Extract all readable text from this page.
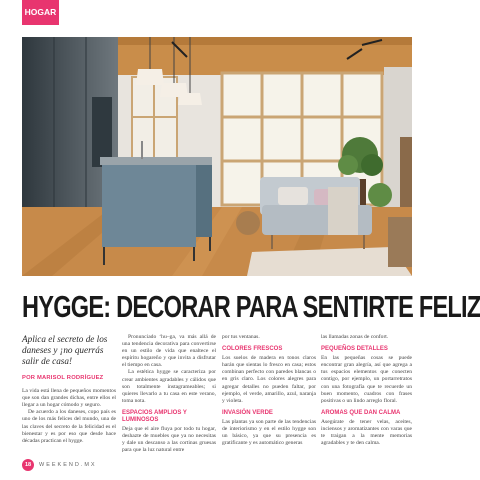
HOGAR
HYGGE: DECORAR PARA SENTIRTE FELIZ
Aplica el secreto de los daneses y ¡no querrás salir de casa!
POR MARISOL RODRÍGUEZ

La vida está llena de pequeños momentos que son dan grandes dichas, entre ellos el llegar a un hogar cómodo y seguro.

De acuerdo a los daneses, copo país es uno de los más felices del mundo, una de las claves del secreto de la felicidad es el bienestar y es por eso que desde hace décadas practican el hygge.

Pronunciado ‘hu–ga, va más allá de una tendencia decorativa para convertirse en un estilo de vida que enaltece el espíritu hogareño y que invita a disfrutar el tiempo en casa.

La estética hygge se caracteriza por crear ambientes agradables y cálidos que son totalmente instagrameables; si quieres llevarlo a tu casa en este verano, toma nota.

ESPACIOS AMPLIOS Y LUMINOSOS

Deja que el aire fluya por todo tu hogar, deshazte de muebles que ya no necesitas y dale un descanso a las cortinas gruesas para que la luz natural entre

por tus ventanas.

COLORES FRESCOS

Los suelos de madera en tonos claros harán que sientas lo fresco en casa; estos combinan perfecto con paredes blancas o en gris claro. Los colores alegres para agregar detalles no pueden faltar, por ejemplo, el verde, amarillo, azul, naranja y violeta.

INVASIÓN VERDE

Las plantas ya son parte de las tendencias de interiorismo y en el estilo hygge son un básico, ya que su presencia es gratificante y es automático generas

las llamadas zonas de confort.

PEQUEÑOS DETALLES

En las pequeñas cosas se puede encontrar gran alegría, así que agrega a tus espacios elementos que conecten contigo, por ejemplo, un portarretratos con una fotografía que te recuerde un buen momento, cuadros con frases positivas o un lindo arreglo floral.

AROMAS QUE DAN CALMA

Asegúrate de tener velas, aceites, inciensos y aromatizantes con varas que te traigan a la mente memorias agradables y te den calma.

18	WEEKEND.MX
